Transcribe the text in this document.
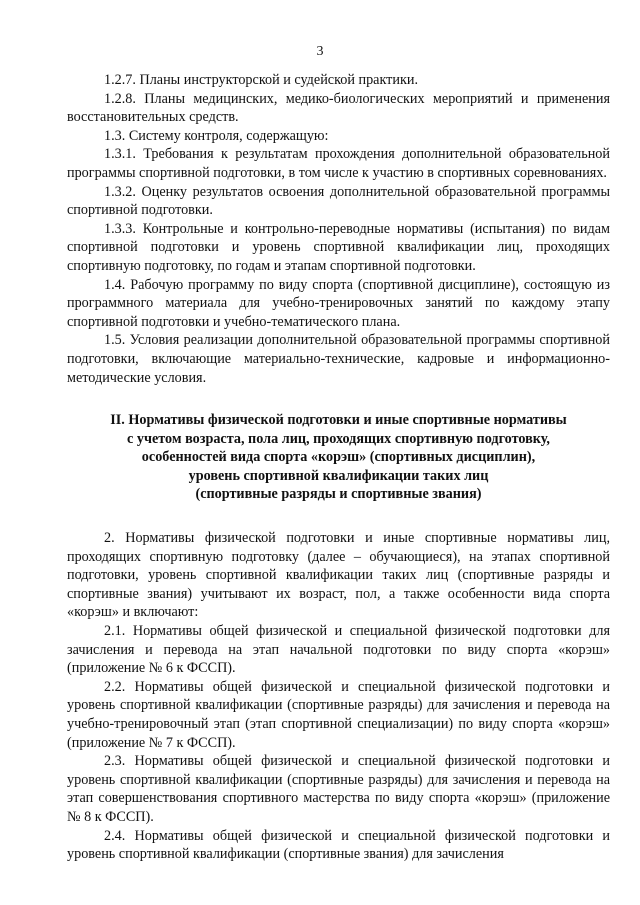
3

1.2.7. Планы инструкторской и судейской практики.

1.2.8. Планы медицинских, медико-биологических мероприятий и применения восстановительных средств.

1.3. Систему контроля, содержащую:

1.3.1. Требования к результатам прохождения дополнительной образовательной программы спортивной подготовки, в том числе к участию в спортивных соревнованиях.

1.3.2. Оценку результатов освоения дополнительной образовательной программы спортивной подготовки.

1.3.3. Контрольные и контрольно-переводные нормативы (испытания) по видам спортивной подготовки и уровень спортивной квалификации лиц, проходящих спортивную подготовку, по годам и этапам спортивной подготовки.

1.4. Рабочую программу по виду спорта (спортивной дисциплине), состоящую из программного материала для учебно-тренировочных занятий по каждому этапу спортивной подготовки и учебно-тематического плана.

1.5. Условия реализации дополнительной образовательной программы спортивной подготовки, включающие материально-технические, кадровые и информационно-методические условия.

II. Нормативы физической подготовки и иные спортивные нормативы
с учетом возраста, пола лиц, проходящих спортивную подготовку,
особенностей вида спорта «корэш» (спортивных дисциплин),
уровень спортивной квалификации таких лиц
(спортивные разряды и спортивные звания)

2. Нормативы физической подготовки и иные спортивные нормативы лиц, проходящих спортивную подготовку (далее – обучающиеся), на этапах спортивной подготовки, уровень спортивной квалификации таких лиц (спортивные разряды и спортивные звания) учитывают их возраст, пол, а также особенности вида спорта «корэш» и включают:

2.1. Нормативы общей физической и специальной физической подготовки для зачисления и перевода на этап начальной подготовки по виду спорта «корэш» (приложение № 6 к ФССП).

2.2. Нормативы общей физической и специальной физической подготовки и уровень спортивной квалификации (спортивные разряды) для зачисления и перевода на учебно-тренировочный этап (этап спортивной специализации) по виду спорта «корэш» (приложение № 7 к ФССП).

2.3. Нормативы общей физической и специальной физической подготовки и уровень спортивной квалификации (спортивные разряды) для зачисления и перевода на этап совершенствования спортивного мастерства по виду спорта «корэш» (приложение № 8 к ФССП).

2.4. Нормативы общей физической и специальной физической подготовки и уровень спортивной квалификации (спортивные звания) для зачисления
